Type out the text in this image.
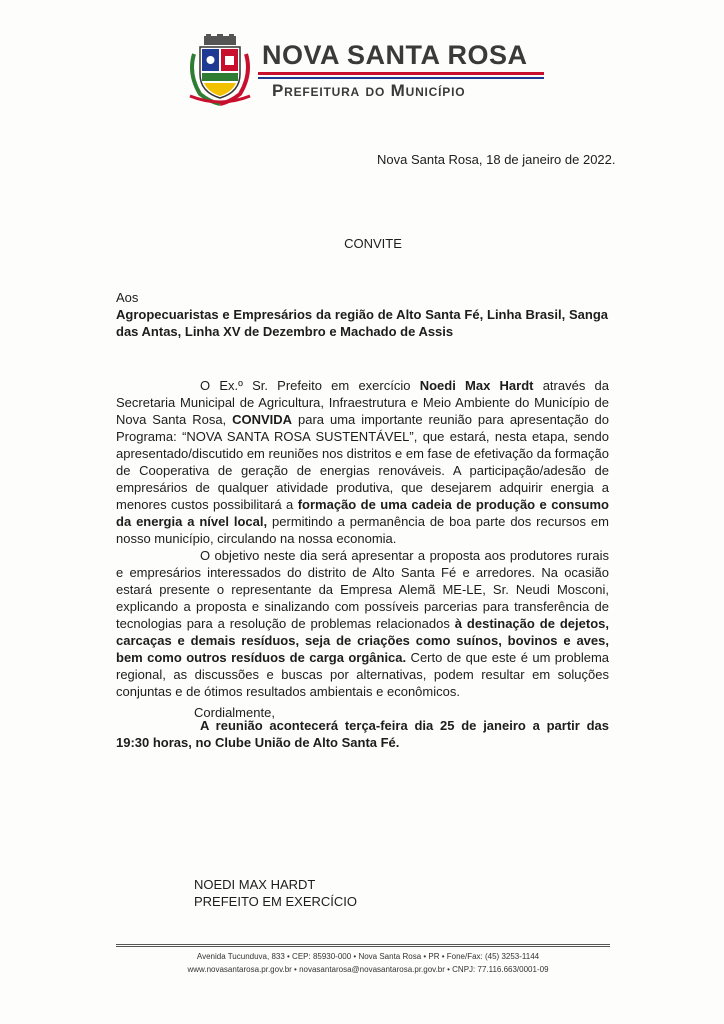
NOVA SANTA ROSA
Prefeitura do Município
Nova Santa Rosa, 18 de janeiro de 2022.
CONVITE
Aos
Agropecuaristas e Empresários da região de Alto Santa Fé, Linha Brasil, Sanga das Antas, Linha XV de Dezembro e Machado de Assis

O Ex.º Sr. Prefeito em exercício Noedi Max Hardt através da Secretaria Municipal de Agricultura, Infraestrutura e Meio Ambiente do Município de Nova Santa Rosa, CONVIDA para uma importante reunião para apresentação do Programa: “NOVA SANTA ROSA SUSTENTÁVEL”, que estará, nesta etapa, sendo apresentado/discutido em reuniões nos distritos e em fase de efetivação da formação de Cooperativa de geração de energias renováveis. A participação/adesão de empresários de qualquer atividade produtiva, que desejarem adquirir energia a menores custos possibilitará a formação de uma cadeia de produção e consumo da energia a nível local, permitindo a permanência de boa parte dos recursos em nosso município, circulando na nossa economia.

O objetivo neste dia será apresentar a proposta aos produtores rurais e empresários interessados do distrito de Alto Santa Fé e arredores. Na ocasião estará presente o representante da Empresa Alemã ME-LE, Sr. Neudi Mosconi, explicando a proposta e sinalizando com possíveis parcerias para transferência de tecnologias para a resolução de problemas relacionados à destinação de dejetos, carcaças e demais resíduos, seja de criações como suínos, bovinos e aves, bem como outros resíduos de carga orgânica. Certo de que este é um problema regional, as discussões e buscas por alternativas, podem resultar em soluções conjuntas e de ótimos resultados ambientais e econômicos.

A reunião acontecerá terça-feira dia 25 de janeiro a partir das 19:30 horas, no Clube União de Alto Santa Fé.

Cordialmente,
NOEDI MAX HARDT
PREFEITO EM EXERCÍCIO
Avenida Tucunduva, 833 • CEP: 85930-000 • Nova Santa Rosa • PR • Fone/Fax: (45) 3253-1144
www.novasantarosa.pr.gov.br • novasantarosa@novasantarosa.pr.gov.br • CNPJ: 77.116.663/0001-09
